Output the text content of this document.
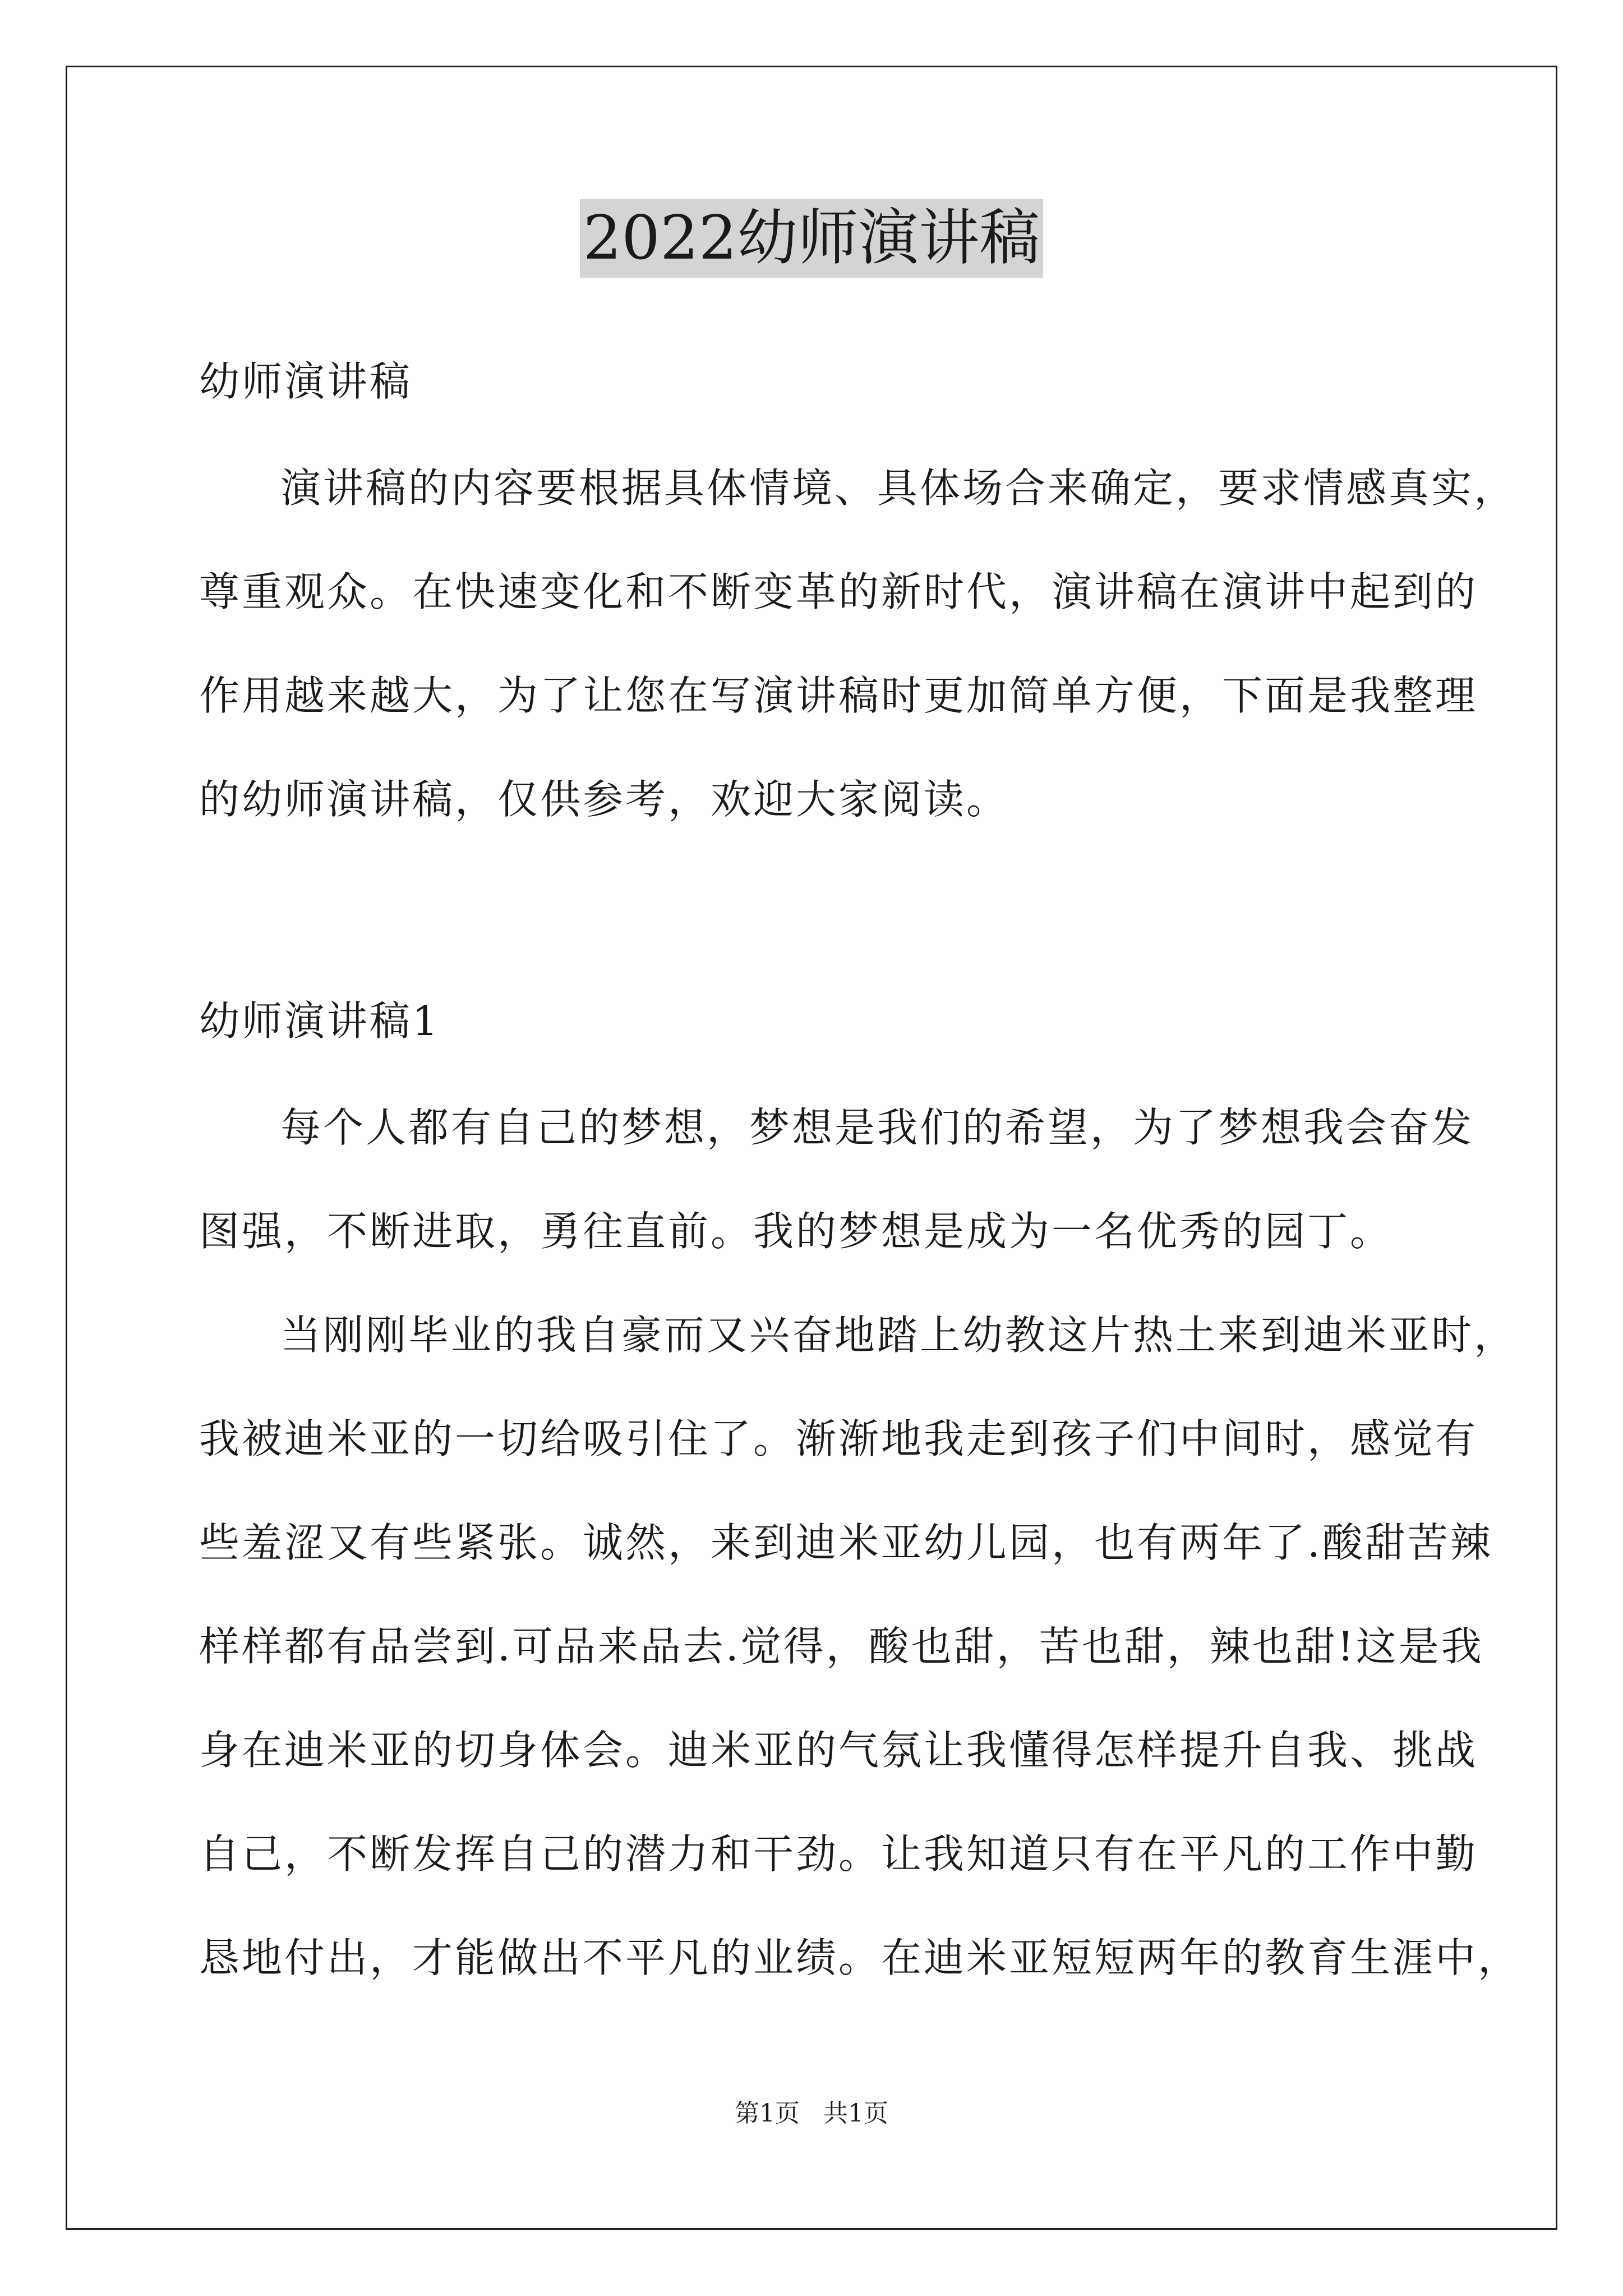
2022幼师演讲稿
幼师演讲稿
演讲稿的内容要根据具体情境、具体场合来确定，要求情感真实，
尊重观众。在快速变化和不断变革的新时代，演讲稿在演讲中起到的
作用越来越大，为了让您在写演讲稿时更加简单方便，下面是我整理
的幼师演讲稿，仅供参考，欢迎大家阅读。
幼师演讲稿1
每个人都有自己的梦想，梦想是我们的希望，为了梦想我会奋发
图强，不断进取，勇往直前。我的梦想是成为一名优秀的园丁。
当刚刚毕业的我自豪而又兴奋地踏上幼教这片热土来到迪米亚时，
我被迪米亚的一切给吸引住了。渐渐地我走到孩子们中间时，感觉有
些羞涩又有些紧张。诚然，来到迪米亚幼儿园，也有两年了.酸甜苦辣
样样都有品尝到.可品来品去.觉得，酸也甜，苦也甜，辣也甜!这是我
身在迪米亚的切身体会。迪米亚的气氛让我懂得怎样提升自我、挑战
自己，不断发挥自己的潜力和干劲。让我知道只有在平凡的工作中勤
恳地付出，才能做出不平凡的业绩。在迪米亚短短两年的教育生涯中，
第1页 共1页
